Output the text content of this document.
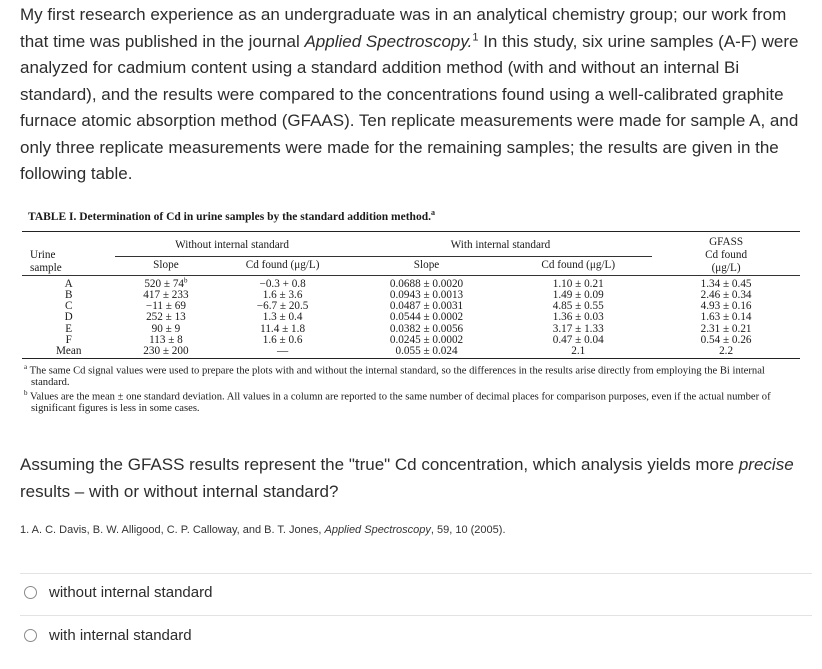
My first research experience as an undergraduate was in an analytical chemistry group; our work from that time was published in the journal Applied Spectroscopy.$^1$ In this study, six urine samples (A-F) were analyzed for cadmium content using a standard addition method (with and without an internal Bi standard), and the results were compared to the concentrations found using a well-calibrated graphite furnace atomic absorption method (GFAAS). Ten replicate measurements were made for sample A, and only three replicate measurements were made for the remaining samples; the results are given in the following table.
TABLE I. Determination of Cd in urine samples by the standard addition method.$^a$
Urine
sample	Without internal standard		With internal standard		GFASS
Cd found
(μg/L)
	Slope	Cd found (μg/L)	Slope	Cd found (μg/L)	
A	520 ± 74$^b$	−0.3 + 0.8	0.0688 ± 0.0020	1.10 ± 0.21	1.34 ± 0.45
B	417 ± 233	1.6 ± 3.6	0.0943 ± 0.0013	1.49 ± 0.09	2.46 ± 0.34
C	−11 ± 69	−6.7 ± 20.5	0.0487 ± 0.0031	4.85 ± 0.55	4.93 ± 0.16
D	252 ± 13	1.3 ± 0.4	0.0544 ± 0.0002	1.36 ± 0.03	1.63 ± 0.14
E	90 ± 9	11.4 ± 1.8	0.0382 ± 0.0056	3.17 ± 1.33	2.31 ± 0.21
F	113 ± 8	1.6 ± 0.6	0.0245 ± 0.0002	0.47 ± 0.04	0.54 ± 0.26
Mean	230 ± 200	—	0.055 ± 0.024	2.1	2.2

$^a$ The same Cd signal values were used to prepare the plots with and without the internal standard, so the differences in the results arise directly from employing the Bi internal standard.

$^b$ Values are the mean ± one standard deviation. All values in a column are reported to the same number of decimal places for comparison purposes, even if the actual number of significant figures is less in some cases.

Assuming the GFASS results represent the "true" Cd concentration, which analysis yields more precise results – with or without internal standard?
1. A. C. Davis, B. W. Alligood, C. P. Calloway, and B. T. Jones, Applied Spectroscopy, 59, 10 (2005).
without internal standard
with internal standard
